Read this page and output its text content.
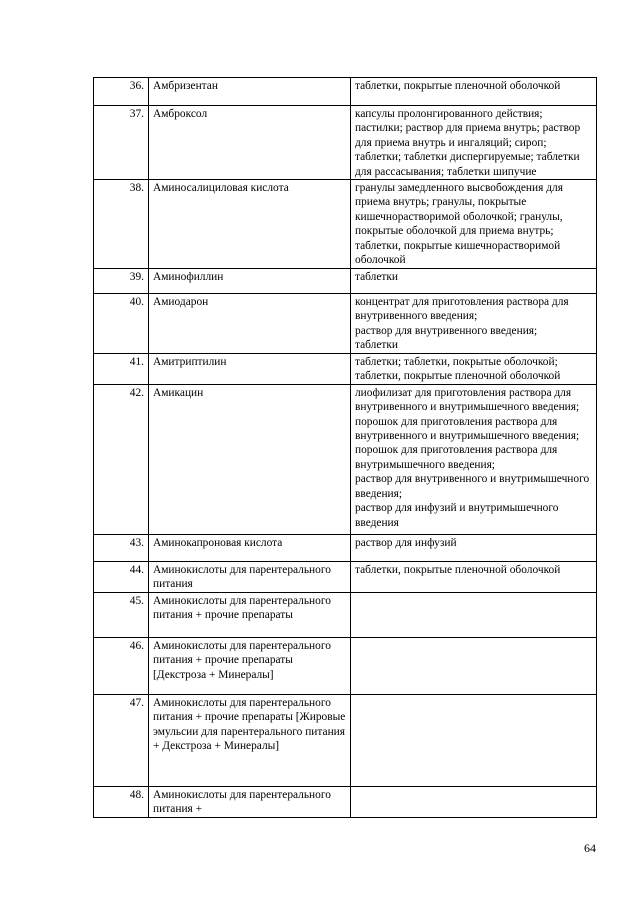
36.	Амбризентан	таблетки, покрытые пленочной оболочкой
37.	Амброксол	капсулы пролонгированного действия; пастилки; раствор для приема внутрь; раствор для приема внутрь и ингаляций; сироп; таблетки; таблетки диспергируемые; таблетки для рассасывания; таблетки шипучие
38.	Аминосалициловая кислота	гранулы замедленного высвобождения для приема внутрь; гранулы, покрытые кишечнорастворимой оболочкой; гранулы, покрытые оболочкой для приема внутрь; таблетки, покрытые кишечнорастворимой оболочкой
39.	Аминофиллин	таблетки
40.	Амиодарон	концентрат для приготовления раствора для внутривенного введения;
раствор для внутривенного введения;
таблетки
41.	Амитриптилин	таблетки; таблетки, покрытые оболочкой; таблетки, покрытые пленочной оболочкой
42.	Амикацин	лиофилизат для приготовления раствора для внутривенного и внутримышечного введения;
порошок для приготовления раствора для внутривенного и внутримышечного введения;
порошок для приготовления раствора для внутримышечного введения;
раствор для внутривенного и внутримышечного введения;
раствор для инфузий и внутримышечного введения
43.	Аминокапроновая кислота	раствор для инфузий
44.	Аминокислоты для парентерального питания	таблетки, покрытые пленочной оболочкой
45.	Аминокислоты для парентерального питания + прочие препараты	
46.	Аминокислоты для парентерального питания + прочие препараты [Декстроза + Минералы]	
47.	Аминокислоты для парентерального питания + прочие препараты [Жировые эмульсии для парентерального питания + Декстроза + Минералы]	
48.	Аминокислоты для парентерального питания +	
64
